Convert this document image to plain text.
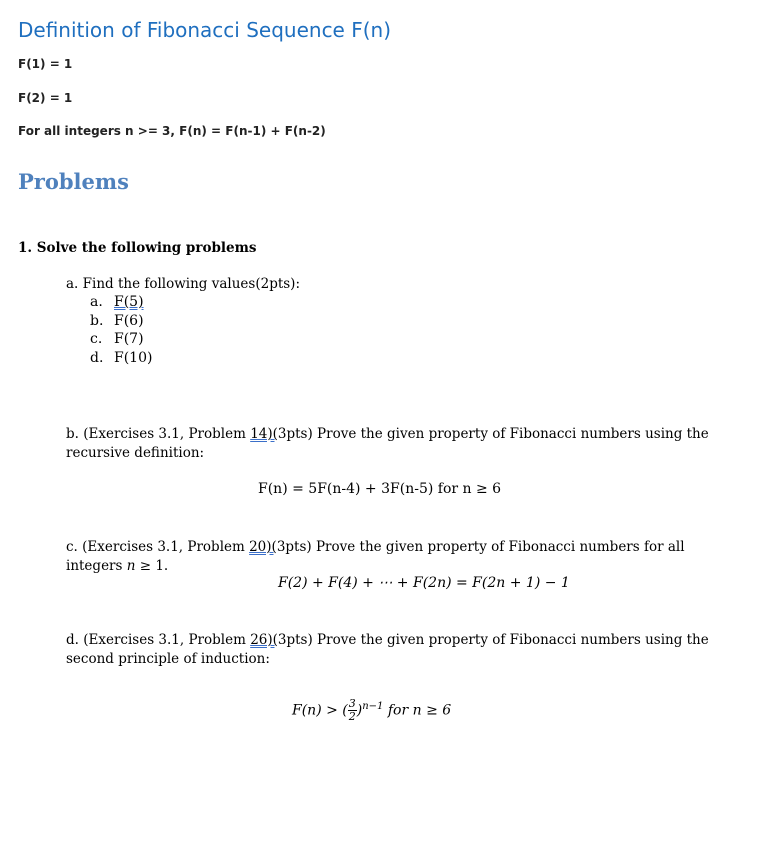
Definition of Fibonacci Sequence F(n)
F(1) = 1
F(2) = 1
For all integers n >= 3, F(n) = F(n-1) + F(n-2)
Problems
1. Solve the following problems
a. Find the following values(2pts):
a. F(5)
b. F(6)
c. F(7)
d. F(10)
b. (Exercises 3.1, Problem 14)(3pts) Prove the given property of Fibonacci numbers using the
recursive definition:
F(n) = 5F(n-4) + 3F(n-5) for n ≥ 6
c. (Exercises 3.1, Problem 20)(3pts) Prove the given property of Fibonacci numbers for all
integers n ≥ 1.
F(2) + F(4) + ⋯ + F(2n) = F(2n + 1) − 1
d. (Exercises 3.1, Problem 26)(3pts) Prove the given property of Fibonacci numbers using the
second principle of induction:
F(n) > ( $\frac{3}{2} )^{n-1}$ for n ≥ 6
